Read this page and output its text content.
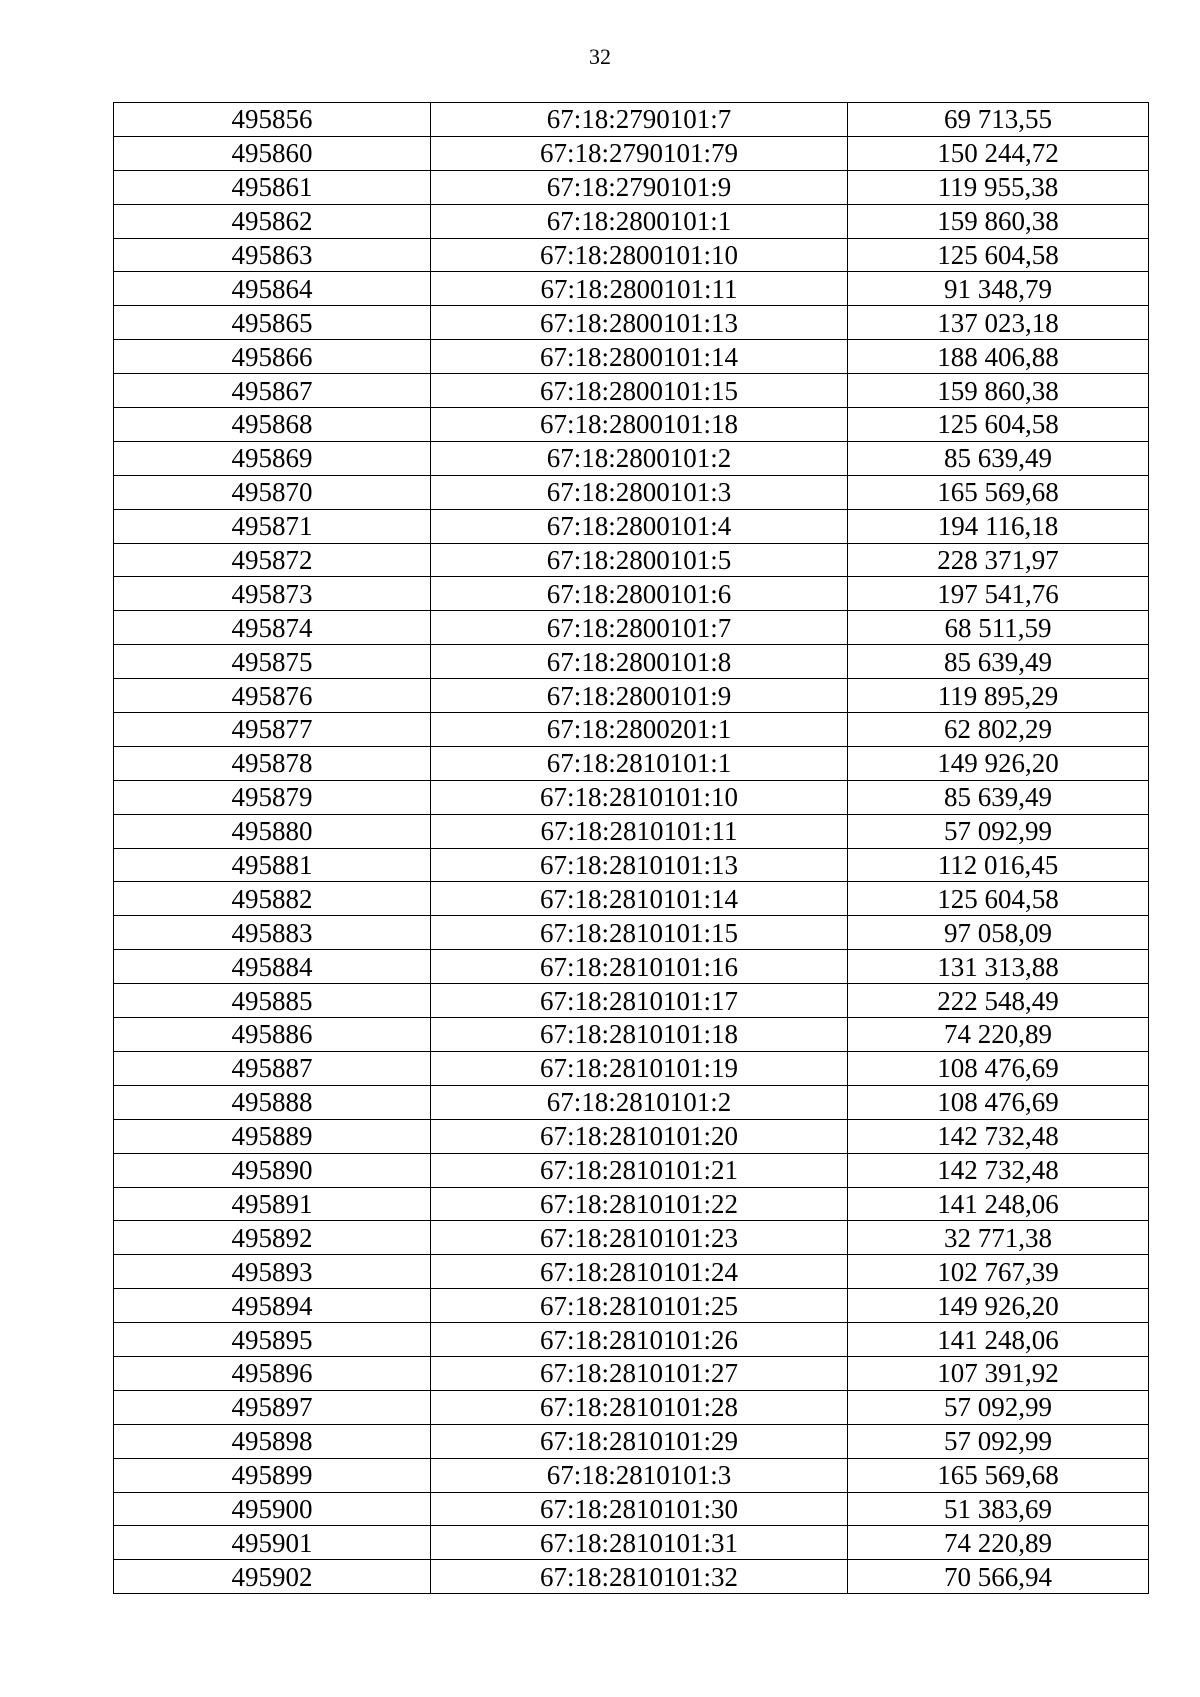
32
495856	67:18:2790101:7	69 713,55
495860	67:18:2790101:79	150 244,72
495861	67:18:2790101:9	119 955,38
495862	67:18:2800101:1	159 860,38
495863	67:18:2800101:10	125 604,58
495864	67:18:2800101:11	91 348,79
495865	67:18:2800101:13	137 023,18
495866	67:18:2800101:14	188 406,88
495867	67:18:2800101:15	159 860,38
495868	67:18:2800101:18	125 604,58
495869	67:18:2800101:2	85 639,49
495870	67:18:2800101:3	165 569,68
495871	67:18:2800101:4	194 116,18
495872	67:18:2800101:5	228 371,97
495873	67:18:2800101:6	197 541,76
495874	67:18:2800101:7	68 511,59
495875	67:18:2800101:8	85 639,49
495876	67:18:2800101:9	119 895,29
495877	67:18:2800201:1	62 802,29
495878	67:18:2810101:1	149 926,20
495879	67:18:2810101:10	85 639,49
495880	67:18:2810101:11	57 092,99
495881	67:18:2810101:13	112 016,45
495882	67:18:2810101:14	125 604,58
495883	67:18:2810101:15	97 058,09
495884	67:18:2810101:16	131 313,88
495885	67:18:2810101:17	222 548,49
495886	67:18:2810101:18	74 220,89
495887	67:18:2810101:19	108 476,69
495888	67:18:2810101:2	108 476,69
495889	67:18:2810101:20	142 732,48
495890	67:18:2810101:21	142 732,48
495891	67:18:2810101:22	141 248,06
495892	67:18:2810101:23	32 771,38
495893	67:18:2810101:24	102 767,39
495894	67:18:2810101:25	149 926,20
495895	67:18:2810101:26	141 248,06
495896	67:18:2810101:27	107 391,92
495897	67:18:2810101:28	57 092,99
495898	67:18:2810101:29	57 092,99
495899	67:18:2810101:3	165 569,68
495900	67:18:2810101:30	51 383,69
495901	67:18:2810101:31	74 220,89
495902	67:18:2810101:32	70 566,94
